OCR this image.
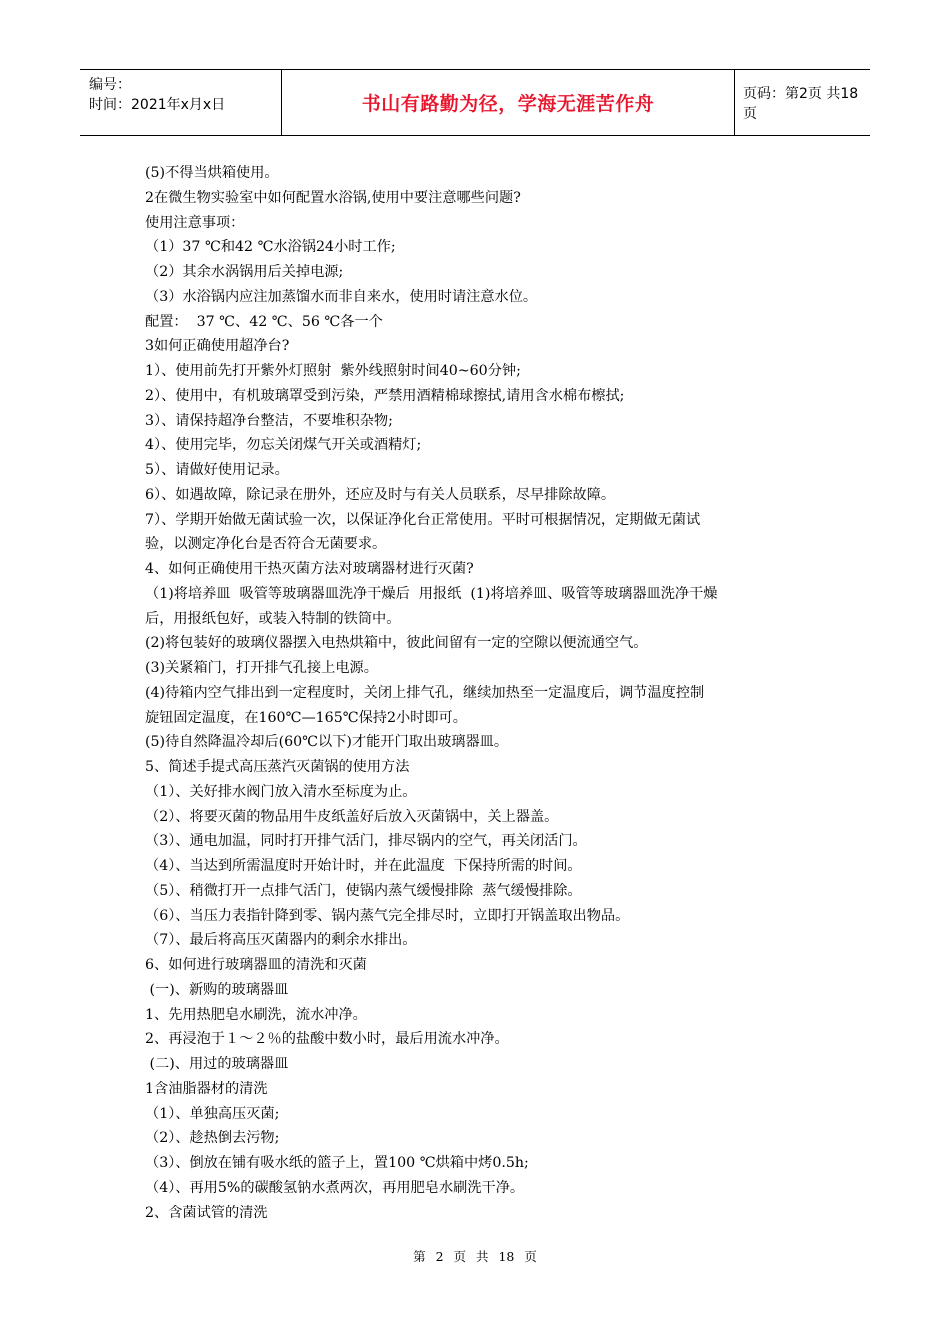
编号：
时间：2021年x月x日	书山有路勤为径，学海无涯苦作舟	页码：第2页 共18页

(5)不得当烘箱使用。

2在微生物实验室中如何配置水浴锅,使用中要注意哪些问题?

使用注意事项：

（1）37 ℃和42 ℃水浴锅24小时工作;

（2）其余水涡锅用后关掉电源;

（3）水浴锅内应注加蒸馏水而非自来水，使用时请注意水位。

配置：  37 ℃、42 ℃、56 ℃各一个

3如何正确使用超净台?

1）、使用前先打开紫外灯照射  紫外线照射时间40~60分钟;

2）、使用中，有机玻璃罩受到污染，严禁用酒精棉球擦拭,请用含水棉布檫拭;

3）、请保持超净台整洁，不要堆积杂物;

4）、使用完毕，勿忘关闭煤气开关或酒精灯;

5）、请做好使用记录。

6）、如遇故障，除记录在册外，还应及时与有关人员联系，尽早排除故障。

7）、学期开始做无菌试验一次，以保证净化台正常使用。平时可根据情况，定期做无菌试

验，以测定净化台是否符合无菌要求。

4、如何正确使用干热灭菌方法对玻璃器材进行灭菌?

（1)将培养皿  吸管等玻璃器皿洗净干燥后  用报纸  (1)将培养皿、吸管等玻璃器皿洗净干燥

后，用报纸包好，或装入特制的铁筒中。

(2)将包装好的玻璃仪器摆入电热烘箱中，彼此间留有一定的空隙以便流通空气。

(3)关紧箱门，打开排气孔接上电源。

(4)待箱内空气排出到一定程度时，关闭上排气孔，继续加热至一定温度后，调节温度控制

旋钮固定温度，在160℃—165℃保持2小时即可。

(5)待自然降温冷却后(60℃以下)才能开门取出玻璃器皿。

5、简述手提式高压蒸汽灭菌锅的使用方法

（1）、关好排水阀门放入清水至标度为止。

（2）、将要灭菌的物品用牛皮纸盖好后放入灭菌锅中，关上器盖。

（3）、通电加温，同时打开排气活门，排尽锅内的空气，再关闭活门。

（4）、当达到所需温度时开始计时，并在此温度  下保持所需的时间。

（5）、稍微打开一点排气活门，使锅内蒸气缓慢排除  蒸气缓慢排除。

（6）、当压力表指针降到零、锅内蒸气完全排尽时，立即打开锅盖取出物品。

（7）、最后将高压灭菌器内的剩余水排出。

6、如何进行玻璃器皿的清洗和灭菌

(一)、新购的玻璃器皿

1、先用热肥皂水刷洗，流水冲净。

2、再浸泡于１～２％的盐酸中数小时，最后用流水冲净。

(二)、用过的玻璃器皿

1含油脂器材的清洗

（1）、单独高压灭菌;

（2）、趁热倒去污物;

（3）、倒放在铺有吸水纸的篮子上，置100 ℃烘箱中烤0.5h;

（4）、再用5%的碳酸氢钠水煮两次，再用肥皂水刷洗干净。

2、含菌试管的清洗

第 2 页 共 18 页
